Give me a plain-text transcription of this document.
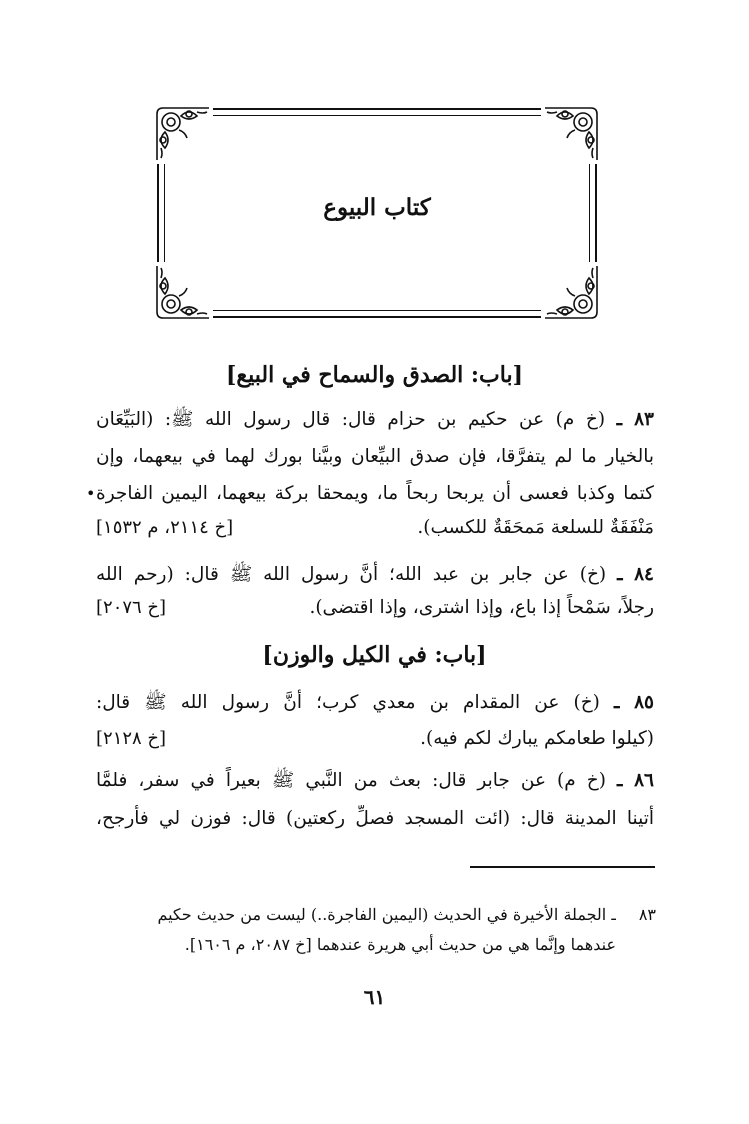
كتاب البيوع
[باب: الصدق والسماح في البيع]
٨٣ ـ (خ م) عن حكيم بن حزام قال: قال رسول الله ﷺ: (البَيِّعَان
بالخيار ما لم يتفرَّقا، فإن صدق البيِّعان وبيَّنا بورك لهما في بيعهما، وإن
كتما وكذبا فعسى أن يربحا ربحاً ما، ويمحقا بركة بيعهما، اليمين الفاجرة
•
مَنْفَقَةٌ للسلعة مَمحَقَةٌ للكسب).
[خ ٢١١٤، م ١٥٣٢]
٨٤ ـ (خ) عن جابر بن عبد الله؛ أنَّ رسول الله ﷺ قال: (رحم الله
رجلاً، سَمْحاً إذا باع، وإذا اشترى، وإذا اقتضى).
[خ ٢٠٧٦]
[باب: في الكيل والوزن]
٨٥ ـ (خ) عن المقدام بن معدي كرب؛ أنَّ رسول الله ﷺ قال:
(كيلوا طعامكم يبارك لكم فيه).
[خ ٢١٢٨]
٨٦ ـ (خ م) عن جابر قال: بعث من النَّبي ﷺ بعيراً في سفر، فلمَّا
أتينا المدينة قال: (ائت المسجد فصلِّ ركعتين) قال: فوزن لي فأرجح،
٨٣
ـ الجملة الأخيرة في الحديث (اليمين الفاجرة..) ليست من حديث حكيم
عندهما وإنَّما هي من حديث أبي هريرة عندهما [خ ٢٠٨٧، م ١٦٠٦].
٦١
